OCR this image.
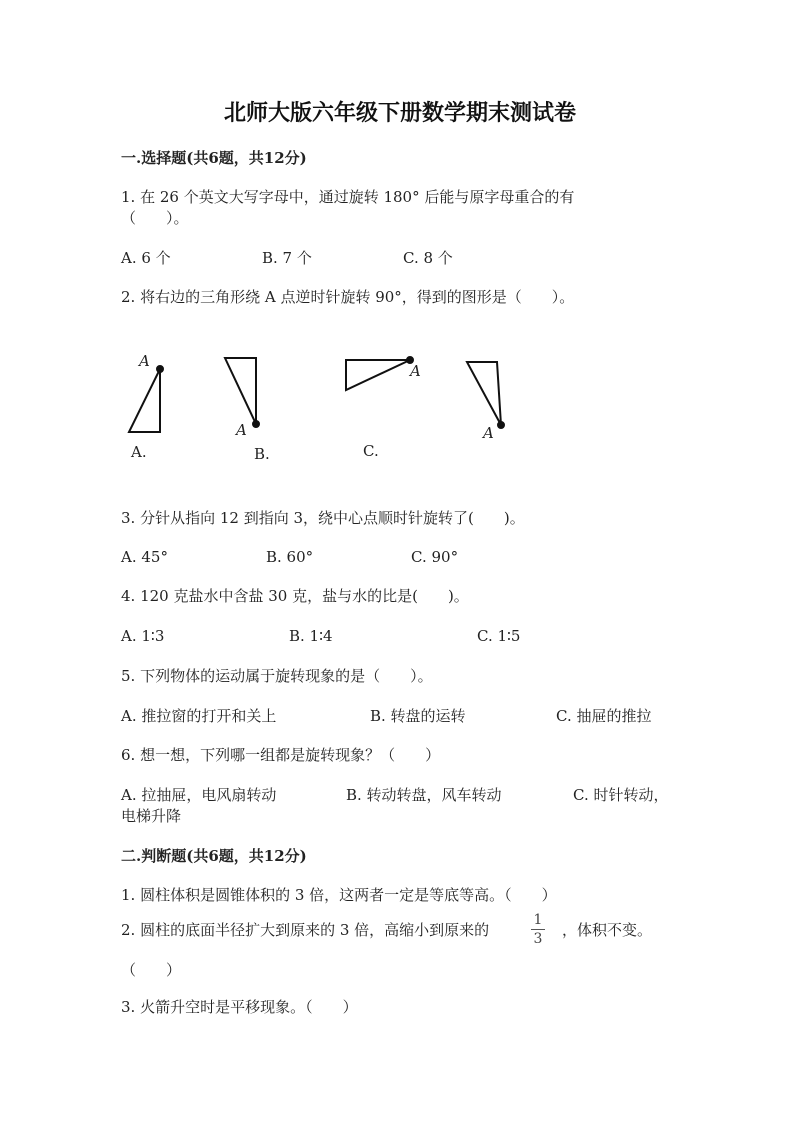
北师大版六年级下册数学期末测试卷
一.选择题(共6题，共12分)
1. 在 26 个英文大写字母中，通过旋转 180° 后能与原字母重合的有
（　　）。
A. 6 个	B. 7 个	C. 8 个
2. 将右边的三角形绕 A 点逆时针旋转 90°，得到的图形是（　　）。
A
A
A
A
A.	B.	C.
3. 分针从指向 12 到指向 3，绕中心点顺时针旋转了(　　)。
A. 45°	B. 60°	C. 90°
4. 120 克盐水中含盐 30 克，盐与水的比是(　　)。
A. 1∶3	B. 1∶4	C. 1∶5
5. 下列物体的运动属于旋转现象的是（　　）。
A. 推拉窗的打开和关上	B. 转盘的运转	C. 抽屉的推拉
6. 想一想，下列哪一组都是旋转现象？（　　）
A. 拉抽屉，电风扇转动	B. 转动转盘，风车转动	C. 时针转动，
电梯升降
二.判断题(共6题，共12分)
1. 圆柱体积是圆锥体积的 3 倍，这两者一定是等底等高。（　　）
2. 圆柱的底面半径扩大到原来的 3 倍，高缩小到原来的
1
3	，体积不变。
（　　）
3. 火箭升空时是平移现象。（　　）
